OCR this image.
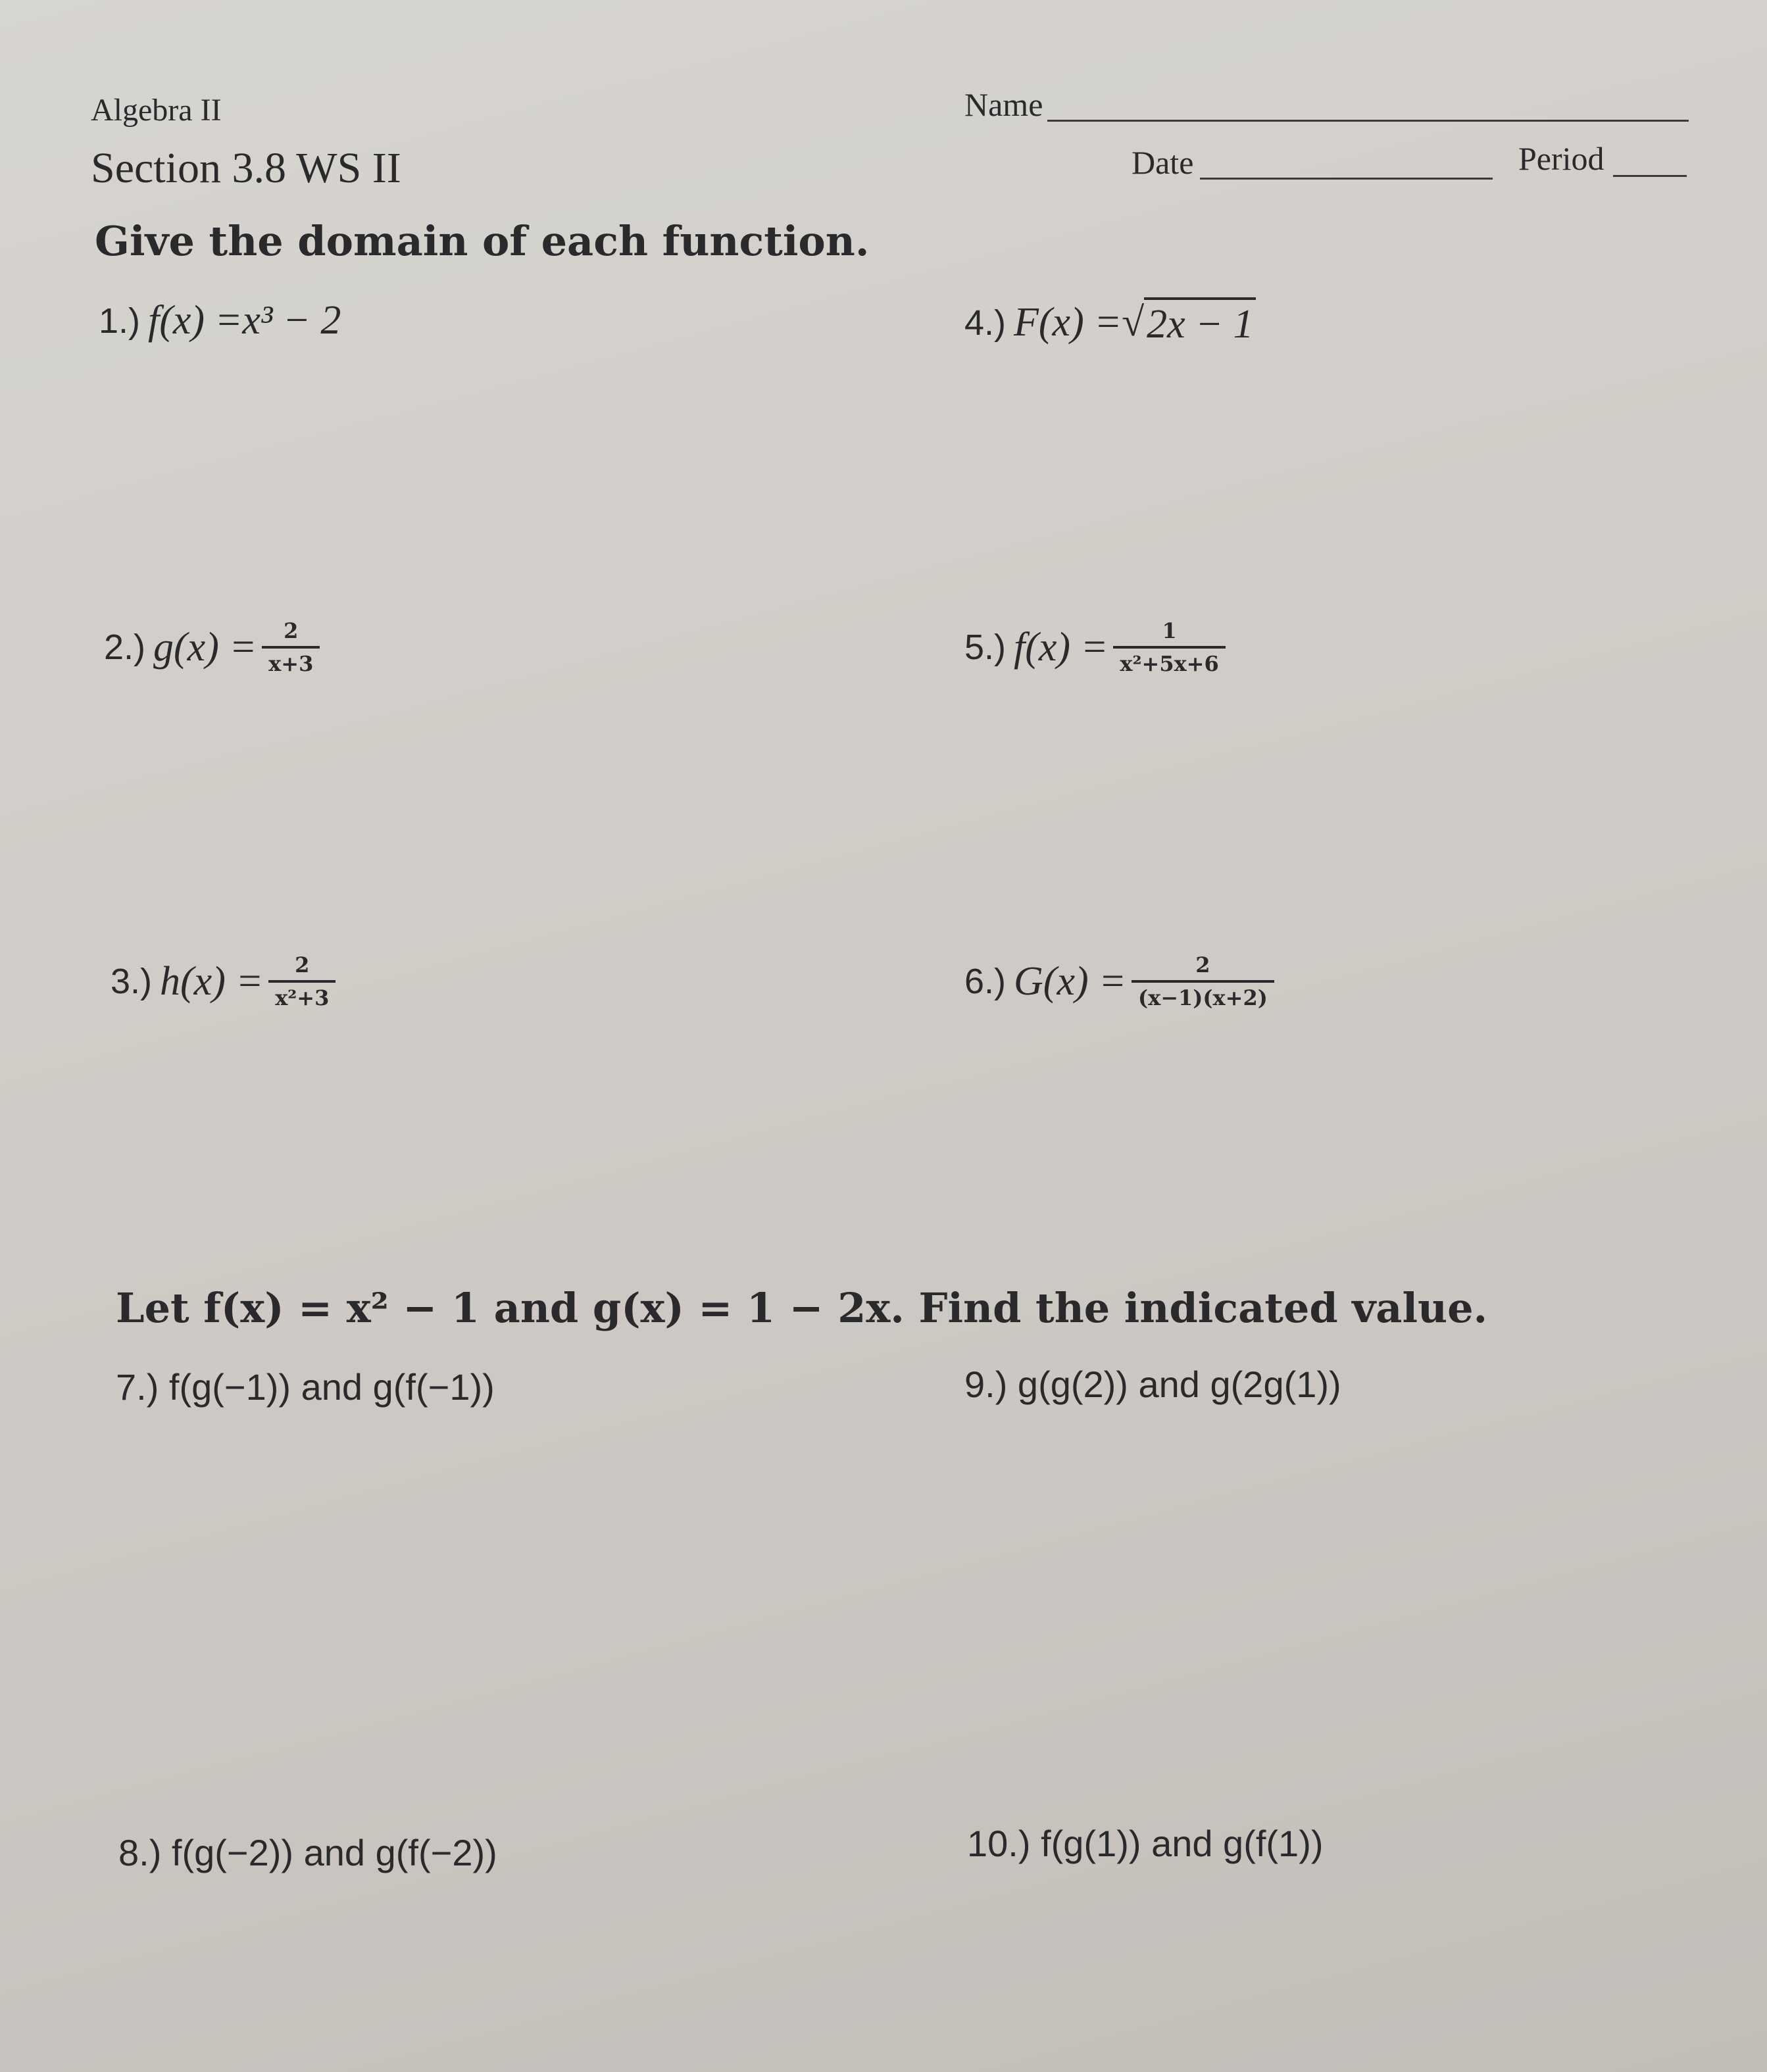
Algebra II
Section 3.8 WS II
Name
Date	Period
Give the domain of each function.
1.) f(x) = x³ − 2	4.) F(x) = √ 2x − 1
2.) $g(x) = \frac{2}{x+3}$	5.) $f(x) = \frac{1}{\text{x²+5x+6}}$
3.) $h(x) = \frac{2}{\text{x²+3}}$	6.) $G(x) = \frac{2}{(x-1)(x+2)}$
Let f(x) = x² − 1 and g(x) = 1 − 2x. Find the indicated value.
7.) f(g(−1)) and g(f(−1))	9.) g(g(2)) and g(2g(1))
8.) f(g(−2)) and g(f(−2))	10.) f(g(1)) and g(f(1))
